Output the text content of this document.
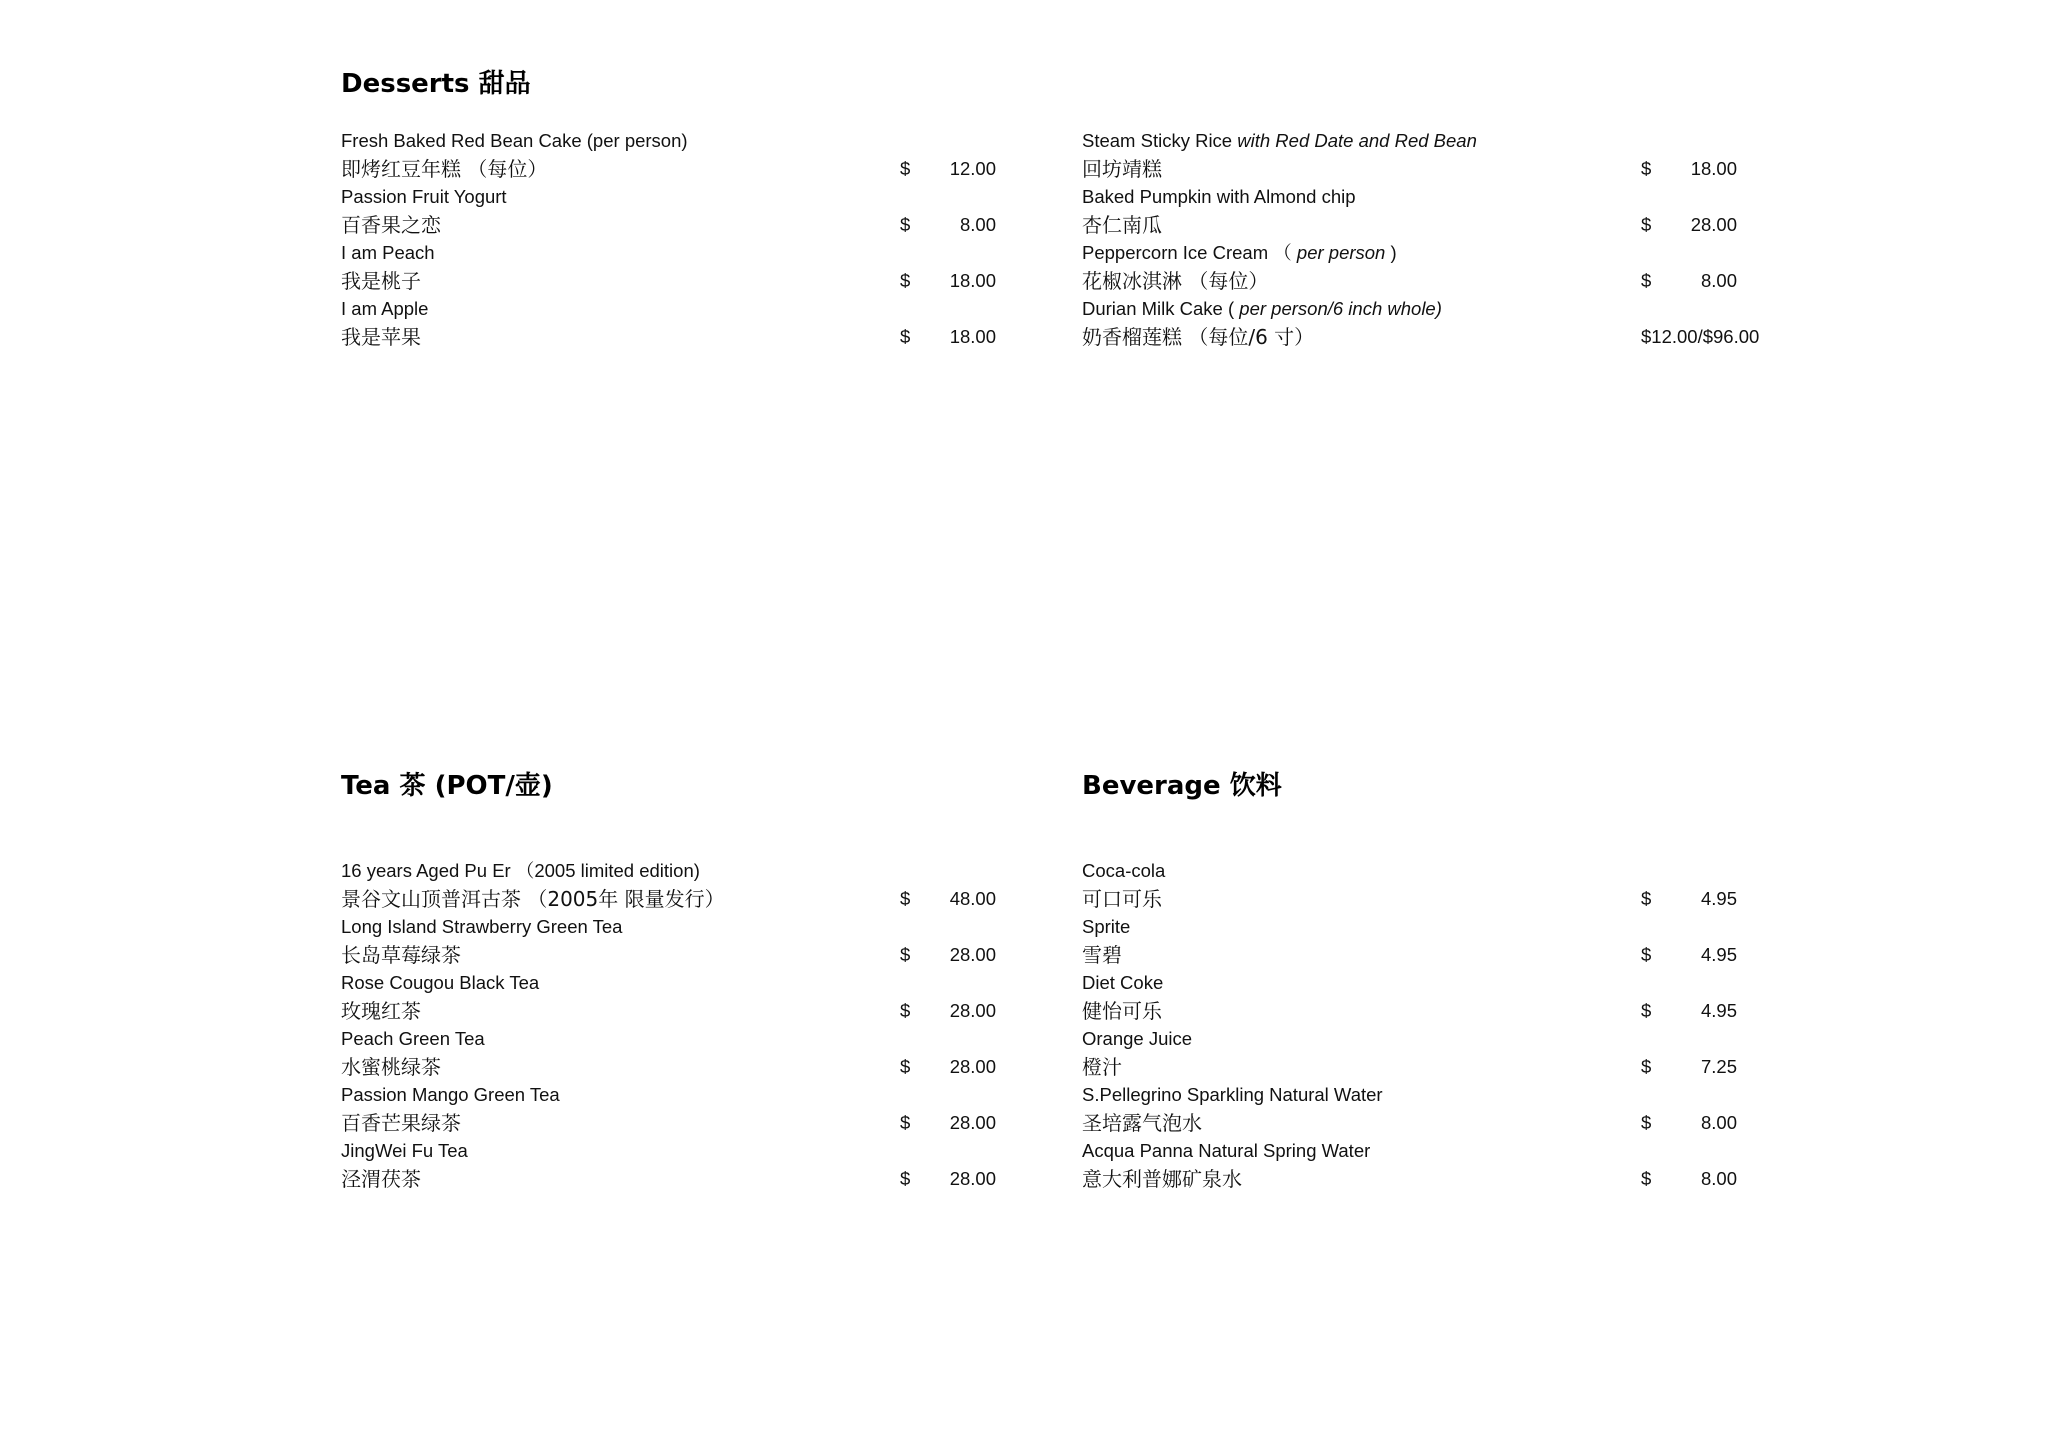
Desserts 甜品
Fresh Baked Red Bean Cake (per person)
即烤红豆年糕 （每位）	$	12.00
Passion Fruit Yogurt
百香果之恋	$	8.00
I am Peach
我是桃子	$	18.00
I am Apple
我是苹果	$	18.00
Steam Sticky Rice with Red Date and Red Bean
回坊靖糕	$	18.00
Baked Pumpkin with Almond chip
杏仁南瓜	$	28.00
Peppercorn Ice Cream （ per person )
花椒冰淇淋 （每位）	$	8.00
Durian Milk Cake ( per person/6 inch whole)
奶香榴莲糕 （每位/6 寸）	$12.00/$96.00
Tea 茶 (POT/壶)
16 years Aged Pu Er （2005 limited edition)
景谷文山顶普洱古茶 （2005年 限量发行）	$	48.00
Long Island Strawberry Green Tea
长岛草莓绿茶	$	28.00
Rose Cougou Black Tea
玫瑰红茶	$	28.00
Peach Green Tea
水蜜桃绿茶	$	28.00
Passion Mango Green Tea
百香芒果绿茶	$	28.00
JingWei Fu Tea
泾渭茯茶	$	28.00
Beverage 饮料
Coca-cola
可口可乐	$	4.95
Sprite
雪碧	$	4.95
Diet Coke
健怡可乐	$	4.95
Orange Juice
橙汁	$	7.25
S.Pellegrino Sparkling Natural Water
圣培露气泡水	$	8.00
Acqua Panna Natural Spring Water
意大利普娜矿泉水	$	8.00
